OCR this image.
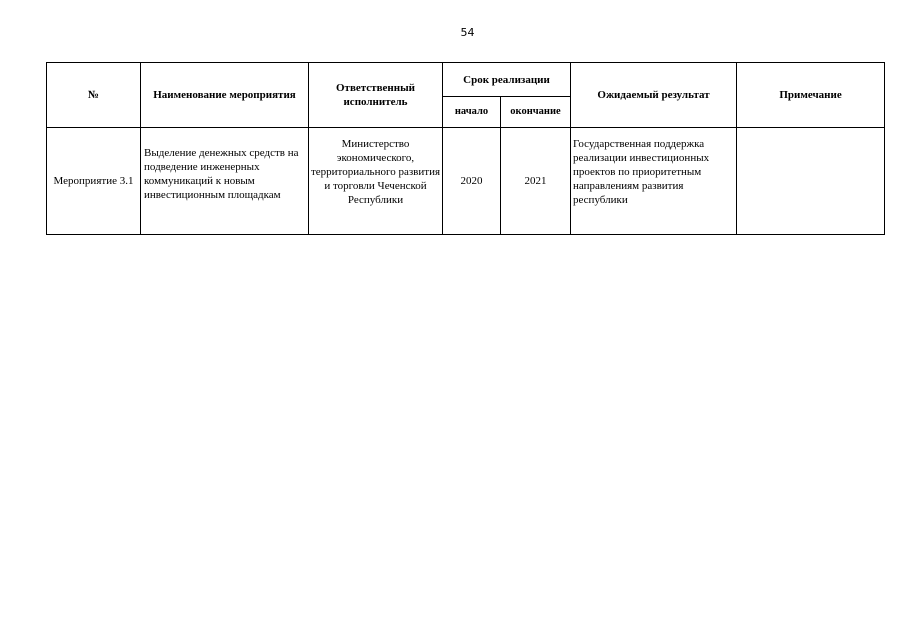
54
№	Наименование мероприятия	Ответственный исполнитель	Срок реализации		Ожидаемый результат	Примечание
			начало	окончание		
Мероприятие 3.1	Выделение денежных средств на подведение инженерных коммуникаций к новым инвестиционным площадкам	Министерство экономического, территориального развития и торговли Чеченской Республики	2020	2021	Государственная поддержка реализации инвестиционных проектов по приоритетным направлениям развития республики	
